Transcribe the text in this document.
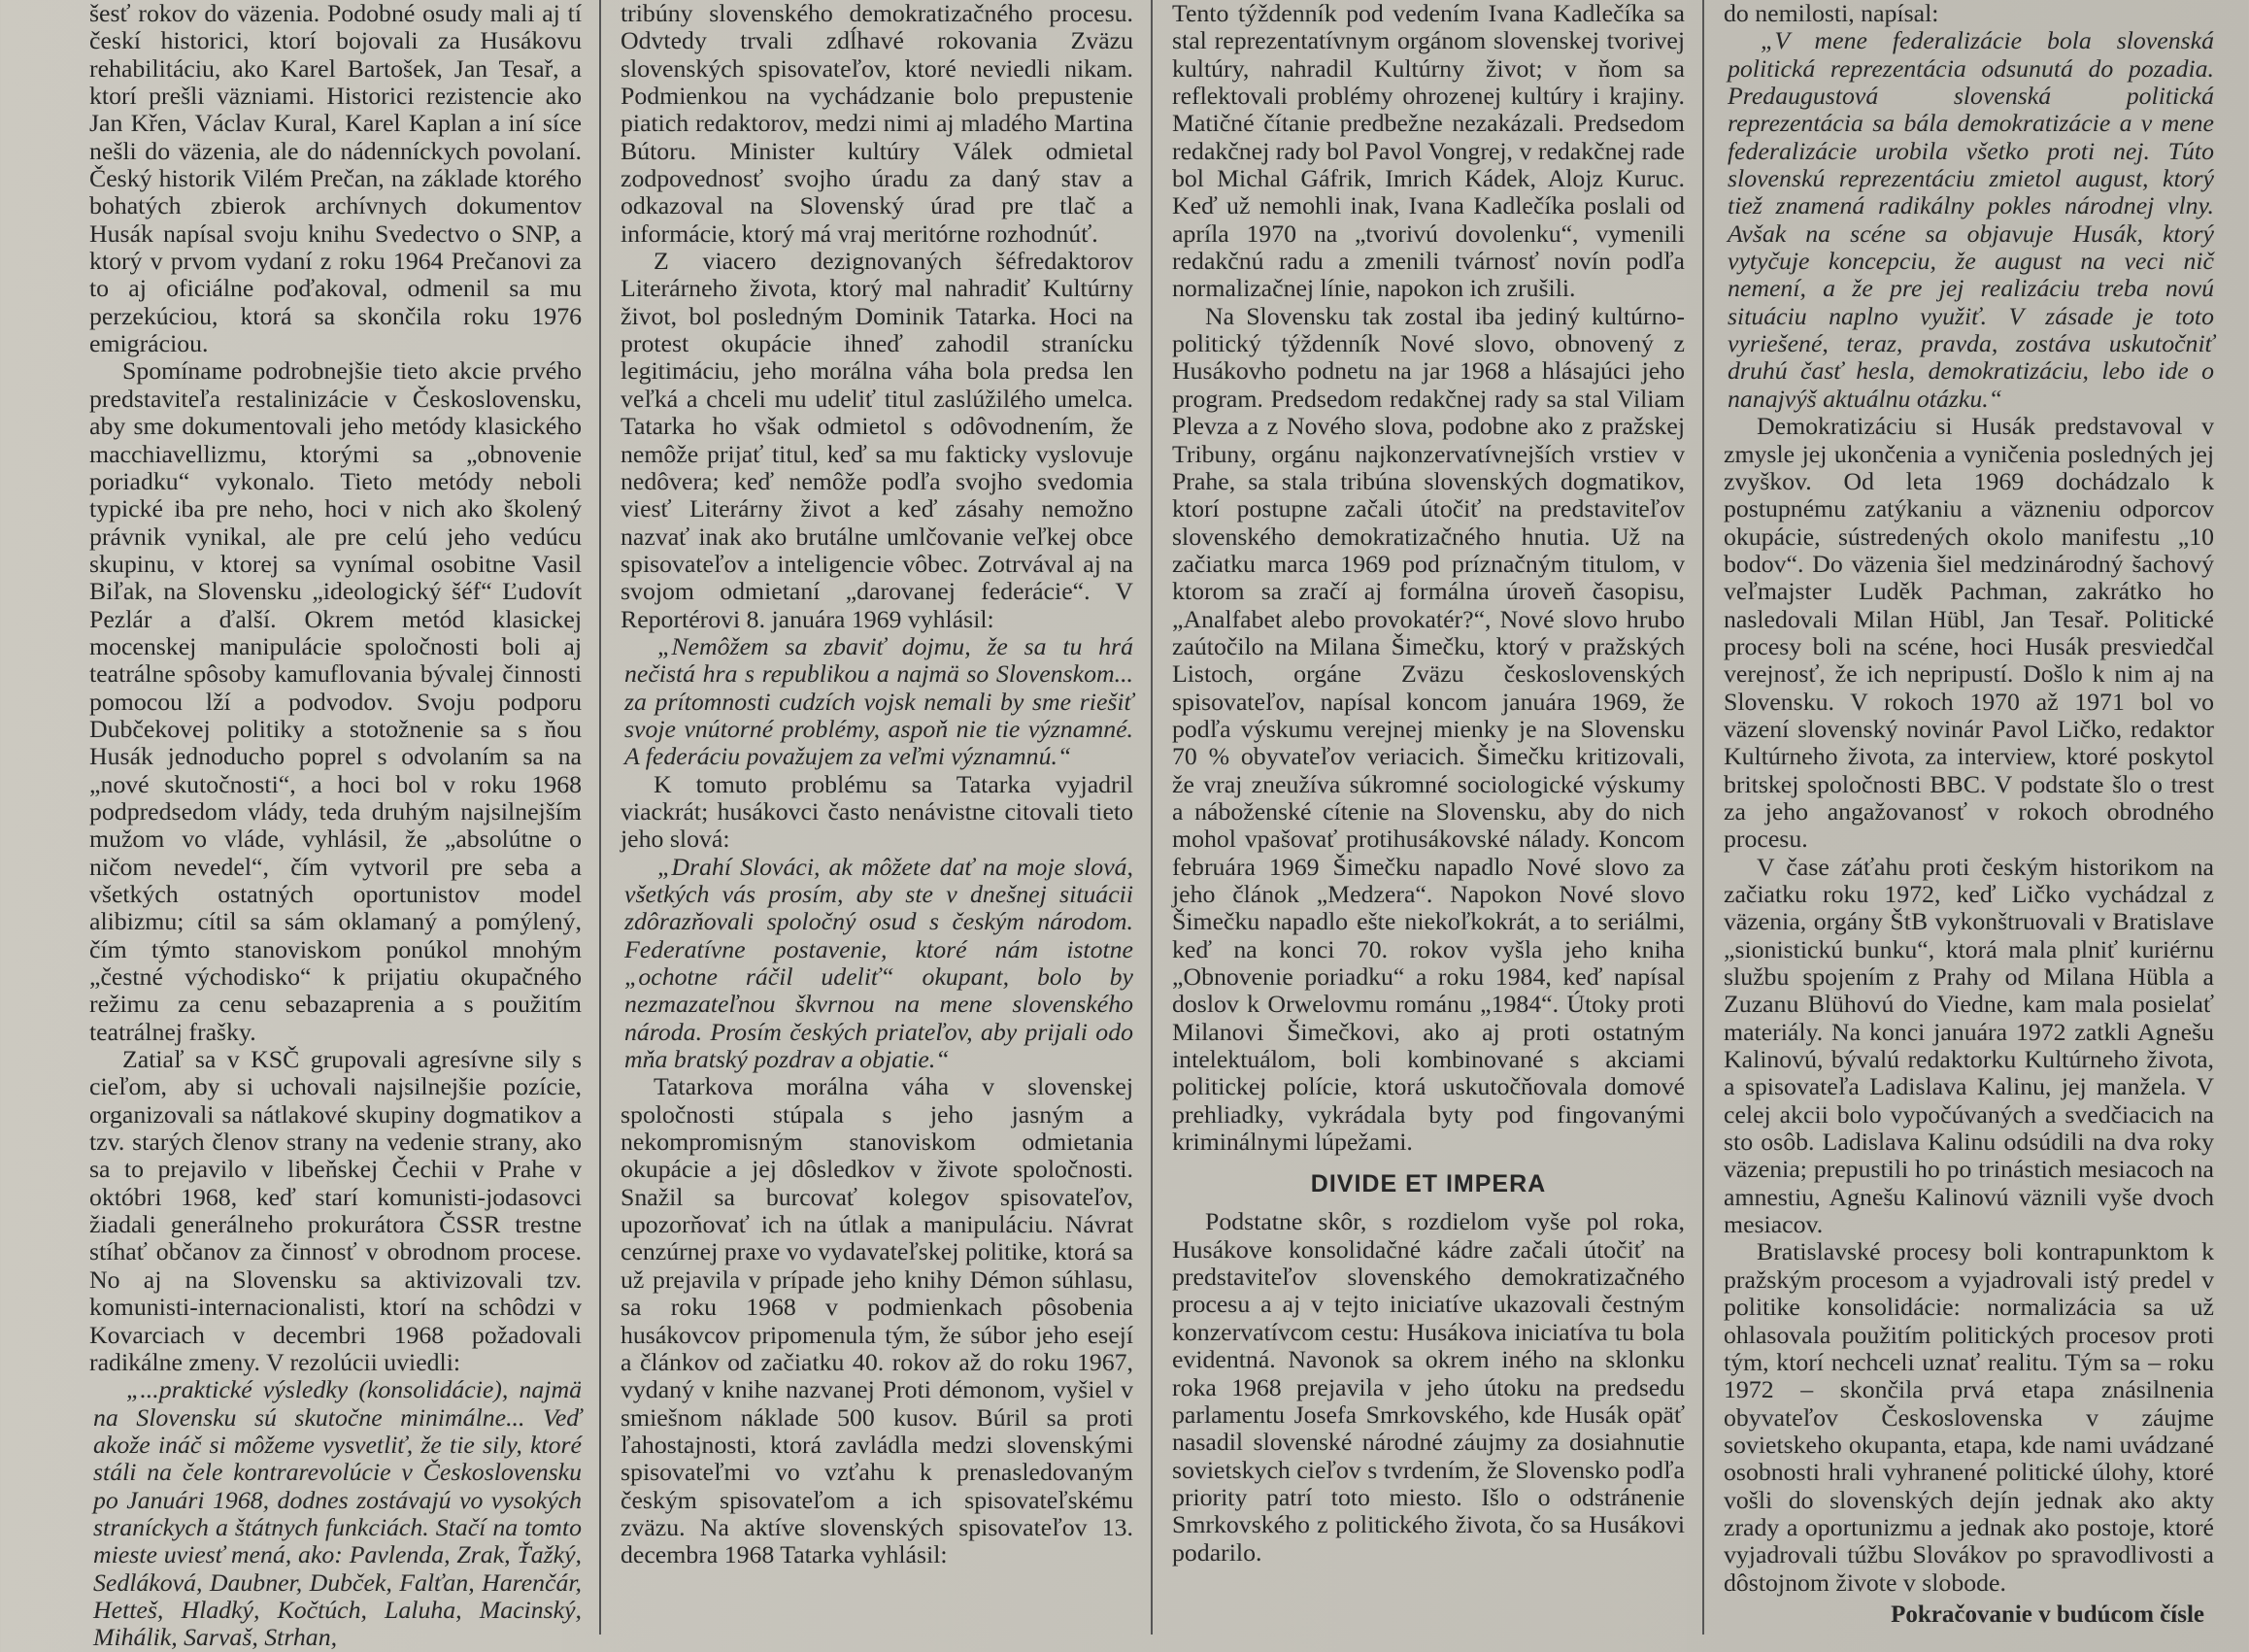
šesť rokov do väzenia. Podobné osudy mali aj tí českí historici, ktorí bojovali za Husákovu rehabilitáciu, ako Karel Bartošek, Jan Tesař, a ktorí prešli väzniami. Historici rezistencie ako Jan Křen, Václav Kural, Karel Kaplan a iní síce nešli do väzenia, ale do nádenníckych povolaní. Český historik Vilém Prečan, na základe ktorého bohatých zbierok archívnych dokumentov Husák napísal svoju knihu Svedectvo o SNP, a ktorý v prvom vydaní z roku 1964 Prečanovi za to aj oficiálne poďakoval, odmenil sa mu perzekúciou, ktorá sa skončila roku 1976 emigráciou.

Spomíname podrobnejšie tieto akcie prvého predstaviteľa restalinizácie v Československu, aby sme dokumentovali jeho metódy klasického macchiavellizmu, ktorými sa „obnovenie poriadku“ vykonalo. Tieto metódy neboli typické iba pre neho, hoci v nich ako školený právnik vynikal, ale pre celú jeho vedúcu skupinu, v ktorej sa vynímal osobitne Vasil Biľak, na Slovensku „ideologický šéf“ Ľudovít Pezlár a ďalší. Okrem metód klasickej mocenskej manipulácie spoločnosti boli aj teatrálne spôsoby kamuflovania bývalej činnosti pomocou lží a podvodov. Svoju podporu Dubčekovej politiky a stotožnenie sa s ňou Husák jednoducho poprel s odvolaním sa na „nové skutočnosti“, a hoci bol v roku 1968 podpredsedom vlády, teda druhým najsilnejším mužom vo vláde, vyhlásil, že „absolútne o ničom nevedel“, čím vytvoril pre seba a všetkých ostatných oportunistov model alibizmu; cítil sa sám oklamaný a pomýlený, čím týmto stanoviskom ponúkol mnohým „čestné východisko“ k prijatiu okupačného režimu za cenu sebazaprenia a s použitím teatrálnej frašky.

Zatiaľ sa v KSČ grupovali agresívne sily s cieľom, aby si uchovali najsilnejšie pozície, organizovali sa nátlakové skupiny dogmatikov a tzv. starých členov strany na vedenie strany, ako sa to prejavilo v libeňskej Čechii v Prahe v októbri 1968, keď starí komunisti-jodasovci žiadali generálneho prokurátora ČSSR trestne stíhať občanov za činnosť v obrodnom procese. No aj na Slovensku sa aktivizovali tzv. komunisti-internacionalisti, ktorí na schôdzi v Kovarciach v decembri 1968 požadovali radikálne zmeny. V rezolúcii uviedli:

„...praktické výsledky (konsolidácie), najmä na Slovensku sú skutočne minimálne... Veď akože ináč si môžeme vysvetliť, že tie sily, ktoré stáli na čele kontrarevolúcie v Československu po Januári 1968, dodnes zostávajú vo vysokých straníckych a štátnych funkciách. Stačí na tomto mieste uviesť mená, ako: Pavlenda, Zrak, Ťažký, Sedláková, Daubner, Dubček, Falťan, Harenčár, Hetteš, Hladký, Kočtúch, Laluha, Macinský, Mihálik, Sarvaš, Strhan,

tribúny slovenského demokratizačného procesu. Odvtedy trvali zdĺhavé rokovania Zväzu slovenských spisovateľov, ktoré neviedli nikam. Podmienkou na vychádzanie bolo prepustenie piatich redaktorov, medzi nimi aj mladého Martina Bútoru. Minister kultúry Válek odmietal zodpovednosť svojho úradu za daný stav a odkazoval na Slovenský úrad pre tlač a informácie, ktorý má vraj meritórne rozhodnúť.

Z viacero dezignovaných šéfredaktorov Literárneho života, ktorý mal nahradiť Kultúrny život, bol posledným Dominik Tatarka. Hoci na protest okupácie ihneď zahodil stranícku legitimáciu, jeho morálna váha bola predsa len veľká a chceli mu udeliť titul zaslúžilého umelca. Tatarka ho však odmietol s odôvodnením, že nemôže prijať titul, keď sa mu fakticky vyslovuje nedôvera; keď nemôže podľa svojho svedomia viesť Literárny život a keď zásahy nemožno nazvať inak ako brutálne umlčovanie veľkej obce spisovateľov a inteligencie vôbec. Zotrvával aj na svojom odmietaní „darovanej federácie“. V Reportérovi 8. januára 1969 vyhlásil:

„Nemôžem sa zbaviť dojmu, že sa tu hrá nečistá hra s republikou a najmä so Slovenskom... za prítomnosti cudzích vojsk nemali by sme riešiť svoje vnútorné problémy, aspoň nie tie významné. A federáciu považujem za veľmi významnú.“

K tomuto problému sa Tatarka vyjadril viackrát; husákovci často nenávistne citovali tieto jeho slová:

„Drahí Slováci, ak môžete dať na moje slová, všetkých vás prosím, aby ste v dnešnej situácii zdôrazňovali spoločný osud s českým národom. Federatívne postavenie, ktoré nám istotne „ochotne ráčil udeliť“ okupant, bolo by nezmazateľnou škvrnou na mene slovenského národa. Prosím českých priateľov, aby prijali odo mňa bratský pozdrav a objatie.“

Tatarkova morálna váha v slovenskej spoločnosti stúpala s jeho jasným a nekompromisným stanoviskom odmietania okupácie a jej dôsledkov v živote spoločnosti. Snažil sa burcovať kolegov spisovateľov, upozorňovať ich na útlak a manipuláciu. Návrat cenzúrnej praxe vo vydavateľskej politike, ktorá sa už prejavila v prípade jeho knihy Démon súhlasu, sa roku 1968 v podmienkach pôsobenia husákovcov pripomenula tým, že súbor jeho esejí a článkov od začiatku 40. rokov až do roku 1967, vydaný v knihe nazvanej Proti démonom, vyšiel v smiešnom náklade 500 kusov. Búril sa proti ľahostajnosti, ktorá zavládla medzi slovenskými spisovateľmi vo vzťahu k prenasledovaným českým spisovateľom a ich spisovateľskému zväzu. Na aktíve slovenských spisovateľov 13. decembra 1968 Tatarka vyhlásil:

Tento týždenník pod vedením Ivana Kadlečíka sa stal reprezentatívnym orgánom slovenskej tvorivej kultúry, nahradil Kultúrny život; v ňom sa reflektovali problémy ohrozenej kultúry i krajiny. Matičné čítanie predbežne nezakázali. Predsedom redakčnej rady bol Pavol Vongrej, v redakčnej rade bol Michal Gáfrik, Imrich Kádek, Alojz Kuruc. Keď už nemohli inak, Ivana Kadlečíka poslali od apríla 1970 na „tvorivú dovolenku“, vymenili redakčnú radu a zmenili tvárnosť novín podľa normalizačnej línie, napokon ich zrušili.

Na Slovensku tak zostal iba jediný kultúrno-politický týždenník Nové slovo, obnovený z Husákovho podnetu na jar 1968 a hlásajúci jeho program. Predsedom redakčnej rady sa stal Viliam Plevza a z Nového slova, podobne ako z pražskej Tribuny, orgánu najkonzervatívnejších vrstiev v Prahe, sa stala tribúna slovenských dogmatikov, ktorí postupne začali útočiť na predstaviteľov slovenského demokratizačného hnutia. Už na začiatku marca 1969 pod príznačným titulom, v ktorom sa zračí aj formálna úroveň časopisu, „Analfabet alebo provokatér?“, Nové slovo hrubo zaútočilo na Milana Šimečku, ktorý v pražských Listoch, orgáne Zväzu československých spisovateľov, napísal koncom januára 1969, že podľa výskumu verejnej mienky je na Slovensku 70 % obyvateľov veriacich. Šimečku kritizovali, že vraj zneužíva súkromné sociologické výskumy a náboženské cítenie na Slovensku, aby do nich mohol vpašovať protihusákovské nálady. Koncom februára 1969 Šimečku napadlo Nové slovo za jeho článok „Medzera“. Napokon Nové slovo Šimečku napadlo ešte niekoľkokrát, a to seriálmi, keď na konci 70. rokov vyšla jeho kniha „Obnovenie poriadku“ a roku 1984, keď napísal doslov k Orwelovmu románu „1984“. Útoky proti Milanovi Šimečkovi, ako aj proti ostatným intelektuálom, boli kombinované s akciami politickej polície, ktorá uskutočňovala domové prehliadky, vykrádala byty pod fingovanými kriminálnymi lúpežami.

DIVIDE ET IMPERA

Podstatne skôr, s rozdielom vyše pol roka, Husákove konsolidačné kádre začali útočiť na predstaviteľov slovenského demokratizačného procesu a aj v tejto iniciatíve ukazovali čestným konzervatívcom cestu: Husákova iniciatíva tu bola evidentná. Navonok sa okrem iného na sklonku roka 1968 prejavila v jeho útoku na predsedu parlamentu Josefa Smrkovského, kde Husák opäť nasadil slovenské národné záujmy za dosiahnutie sovietskych cieľov s tvrdením, že Slovensko podľa priority patrí toto miesto. Išlo o odstránenie Smrkovského z politického života, čo sa Husákovi podarilo.

do nemilosti, napísal:

„V mene federalizácie bola slovenská politická reprezentácia odsunutá do pozadia. Predaugustová slovenská politická reprezentácia sa bála demokratizácie a v mene federalizácie urobila všetko proti nej. Túto slovenskú reprezentáciu zmietol august, ktorý tiež znamená radikálny pokles národnej vlny. Avšak na scéne sa objavuje Husák, ktorý vytyčuje koncepciu, že august na veci nič nemení, a že pre jej realizáciu treba novú situáciu naplno využiť. V zásade je toto vyriešené, teraz, pravda, zostáva uskutočniť druhú časť hesla, demokratizáciu, lebo ide o nanajvýš aktuálnu otázku.“

Demokratizáciu si Husák predstavoval v zmysle jej ukončenia a vyničenia posledných jej zvyškov. Od leta 1969 dochádzalo k postupnému zatýkaniu a väzneniu odporcov okupácie, sústredených okolo manifestu „10 bodov“. Do väzenia šiel medzinárodný šachový veľmajster Luděk Pachman, zakrátko ho nasledovali Milan Hübl, Jan Tesař. Politické procesy boli na scéne, hoci Husák presviedčal verejnosť, že ich nepripustí. Došlo k nim aj na Slovensku. V rokoch 1970 až 1971 bol vo väzení slovenský novinár Pavol Ličko, redaktor Kultúrneho života, za interview, ktoré poskytol britskej spoločnosti BBC. V podstate šlo o trest za jeho angažovanosť v rokoch obrodného procesu.

V čase záťahu proti českým historikom na začiatku roku 1972, keď Ličko vychádzal z väzenia, orgány ŠtB vykonštruovali v Bratislave „sionistickú bunku“, ktorá mala plniť kuriérnu službu spojením z Prahy od Milana Hübla a Zuzanu Blühovú do Viedne, kam mala posielať materiály. Na konci januára 1972 zatkli Agnešu Kalinovú, bývalú redaktorku Kultúrneho života, a spisovateľa Ladislava Kalinu, jej manžela. V celej akcii bolo vypočúvaných a svedčiacich na sto osôb. Ladislava Kalinu odsúdili na dva roky väzenia; prepustili ho po trinástich mesiacoch na amnestiu, Agnešu Kalinovú väznili vyše dvoch mesiacov.

Bratislavské procesy boli kontrapunktom k pražským procesom a vyjadrovali istý predel v politike konsolidácie: normalizácia sa už ohlasovala použitím politických procesov proti tým, ktorí nechceli uznať realitu. Tým sa – roku 1972 – skončila prvá etapa znásilnenia obyvateľov Československa v záujme sovietskeho okupanta, etapa, kde nami uvádzané osobnosti hrali vyhranené politické úlohy, ktoré vošli do slovenských dejín jednak ako akty zrady a oportunizmu a jednak ako postoje, ktoré vyjadrovali túžbu Slovákov po spravodlivosti a dôstojnom živote v slobode.

Pokračovanie v budúcom čísle
